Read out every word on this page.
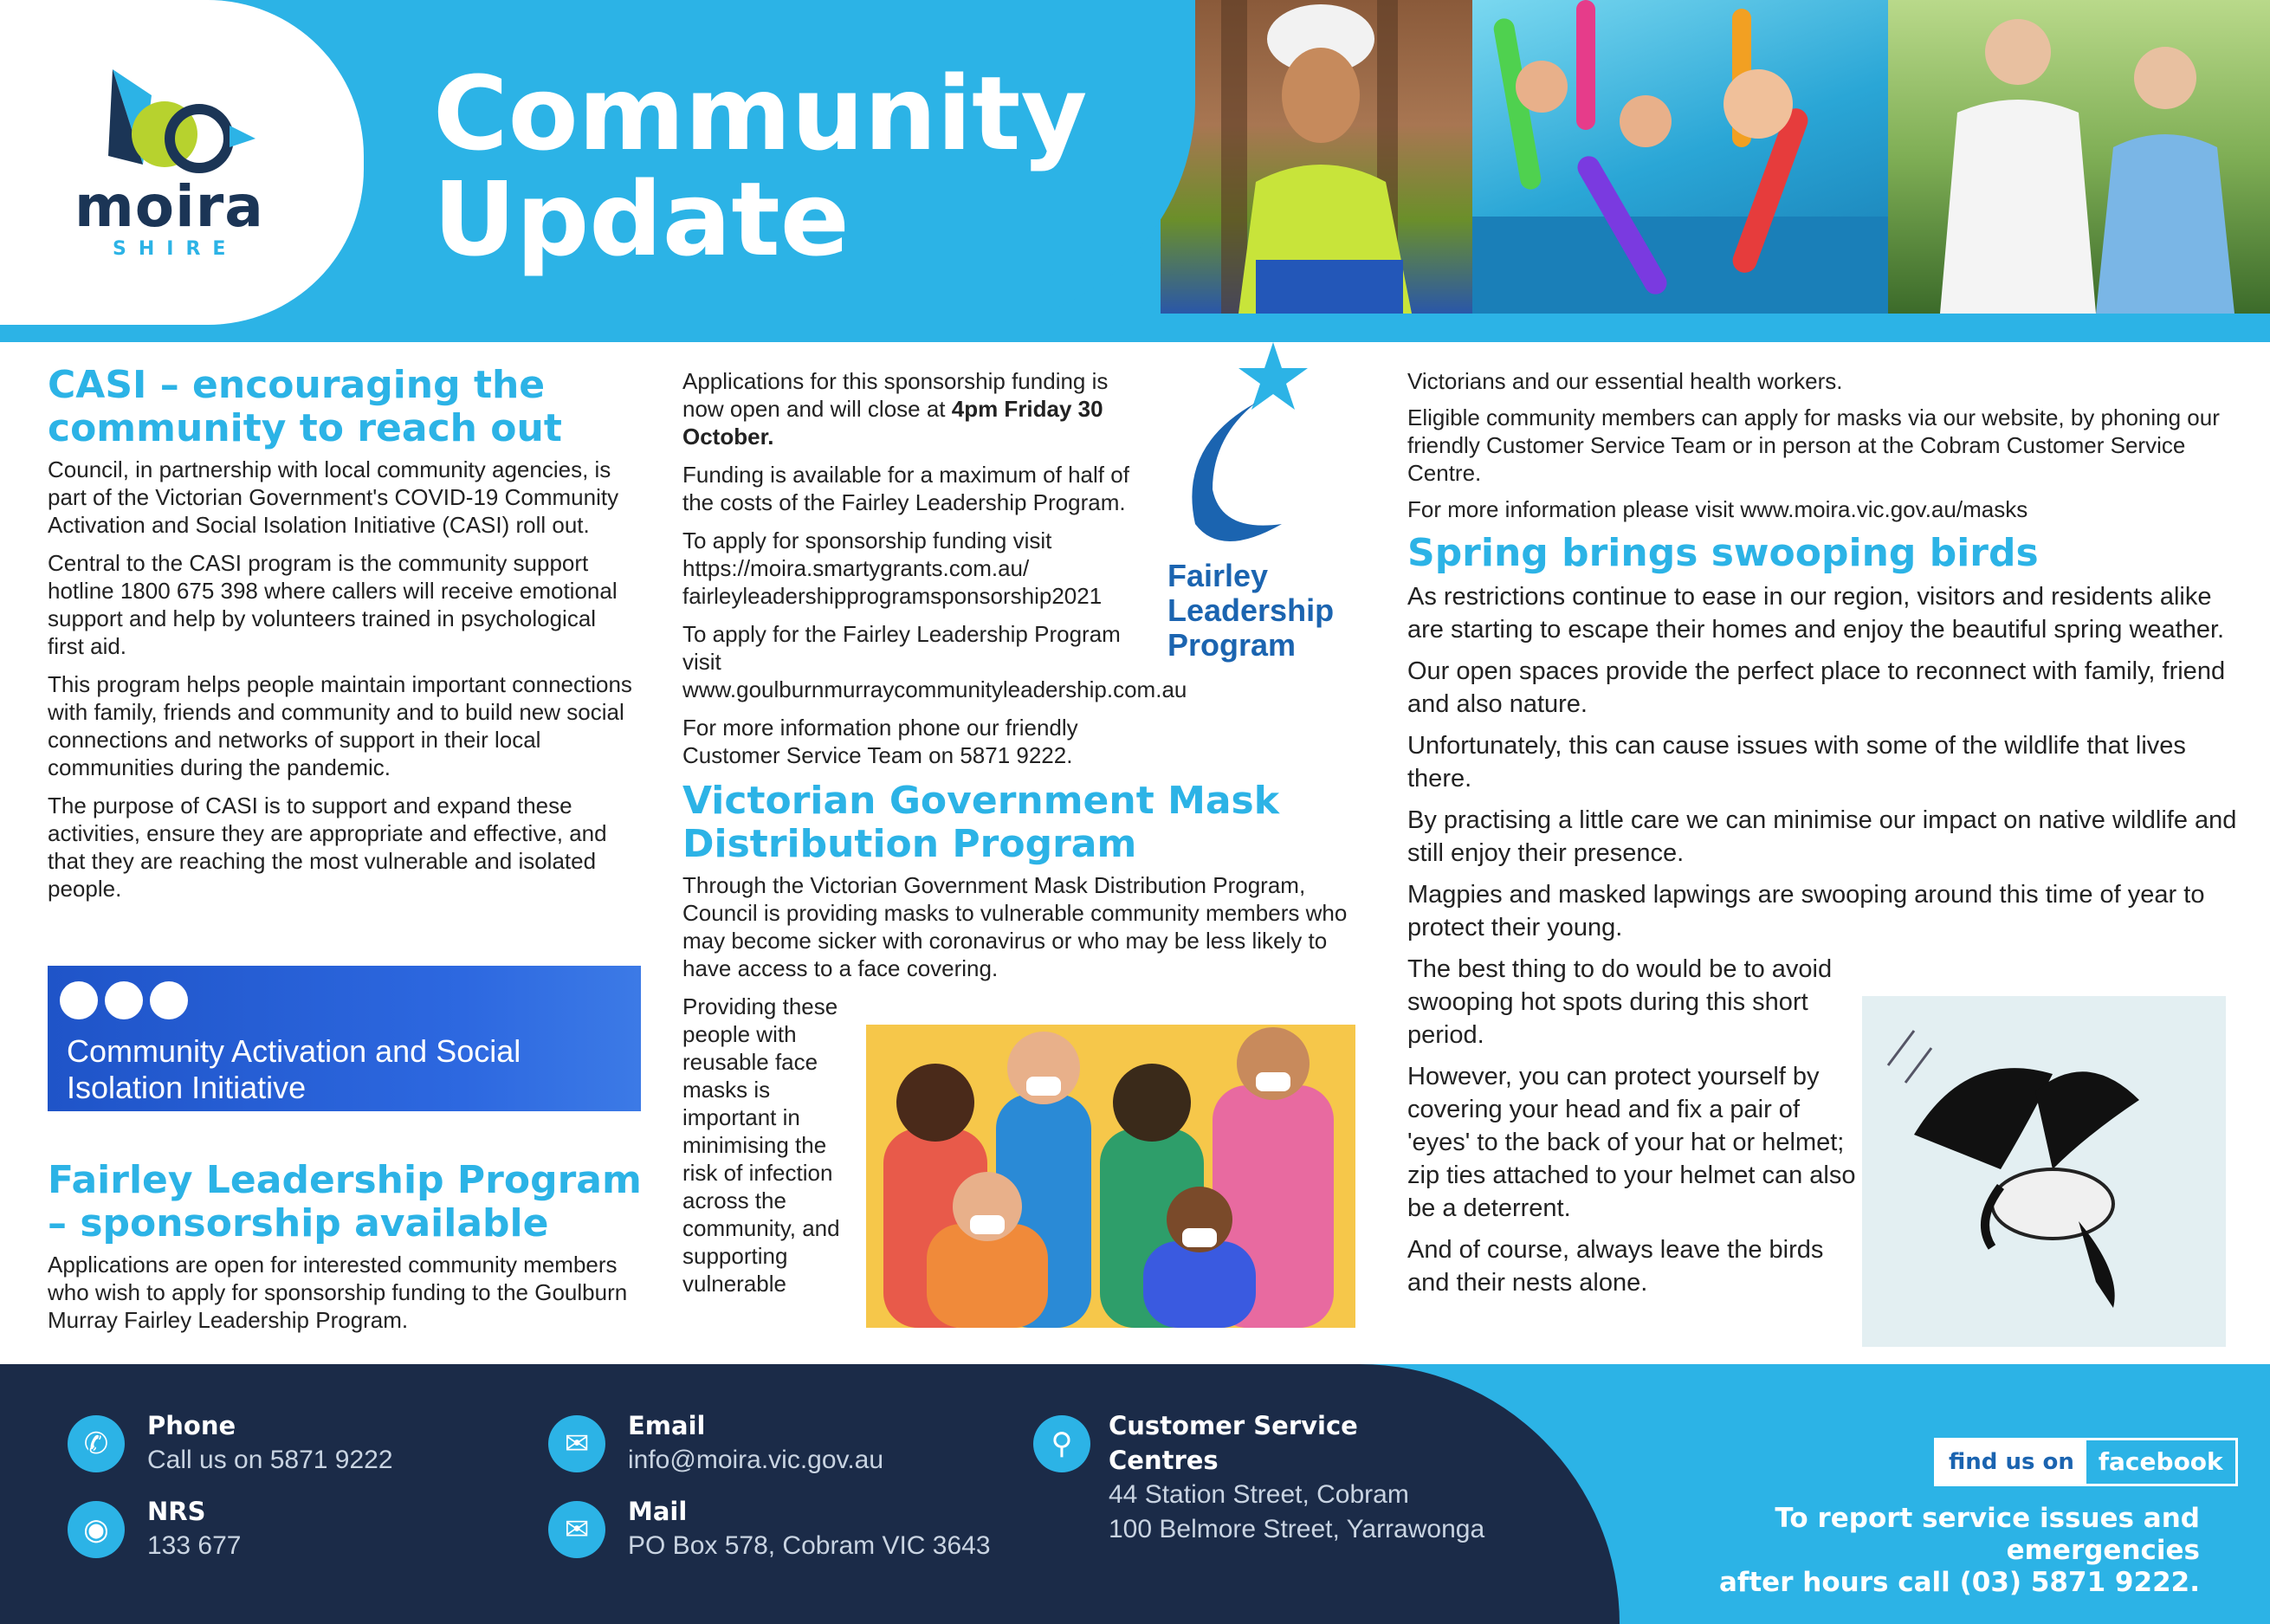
moira
SHIRE
Community
Update
CASI – encouraging the community to reach out

Council, in partnership with local community agencies, is part of the Victorian Government's COVID-19 Community Activation and Social Isolation Initiative (CASI) roll out.

Central to the CASI program is the community support hotline 1800 675 398 where callers will receive emotional support and help by volunteers trained in psychological first aid.

This program helps people maintain important connections with family, friends and community and to build new social connections and networks of support in their local communities during the pandemic.

The purpose of CASI is to support and expand these activities, ensure they are appropriate and effective, and that they are reaching the most vulnerable and isolated people.

Community Activation and Social Isolation Initiative
Fairley Leadership Program – sponsorship available

Applications are open for interested community members who wish to apply for sponsorship funding to the Goulburn Murray Fairley Leadership Program.

Applications for this sponsorship funding is now open and will close at 4pm Friday 30 October.

Funding is available for a maximum of half of the costs of the Fairley Leadership Program.

To apply for sponsorship funding visit https://moira.smartygrants.com.au/ fairleyleadershipprogramsponsorship2021

To apply for the Fairley Leadership Program visit www.goulburnmurraycommunityleadership.com.au

For more information phone our friendly Customer Service Team on 5871 9222.

Victorian Government Mask Distribution Program

Through the Victorian Government Mask Distribution Program, Council is providing masks to vulnerable community members who may become sicker with coronavirus or who may be less likely to have access to a face covering.

Providing these people with reusable face masks is important in minimising the risk of infection across the community, and supporting vulnerable

Fairley
Leadership
Program

Victorians and our essential health workers.

Eligible community members can apply for masks via our website, by phoning our friendly Customer Service Team or in person at the Cobram Customer Service Centre.

For more information please visit www.moira.vic.gov.au/masks

Spring brings swooping birds

As restrictions continue to ease in our region, visitors and residents alike are starting to escape their homes and enjoy the beautiful spring weather.

Our open spaces provide the perfect place to reconnect with family, friend and also nature.

Unfortunately, this can cause issues with some of the wildlife that lives there.

By practising a little care we can minimise our impact on native wildlife and still enjoy their presence.

Magpies and masked lapwings are swooping around this time of year to protect their young.

The best thing to do would be to avoid swooping hot spots during this short period.

However, you can protect yourself by covering your head and fix a pair of 'eyes' to the back of your hat or helmet; zip ties attached to your helmet can also be a deterrent.

And of course, always leave the birds and their nests alone.

✆
Phone
Call us on 5871 9222
◉
NRS
133 677
✉
Email
info@moira.vic.gov.au
✉
Mail
PO Box 578, Cobram VIC 3643
⚲
Customer Service
Centres
44 Station Street, Cobram
100 Belmore Street, Yarrawonga
find us on	facebook
To report service issues and emergencies
after hours call (03) 5871 9222.
